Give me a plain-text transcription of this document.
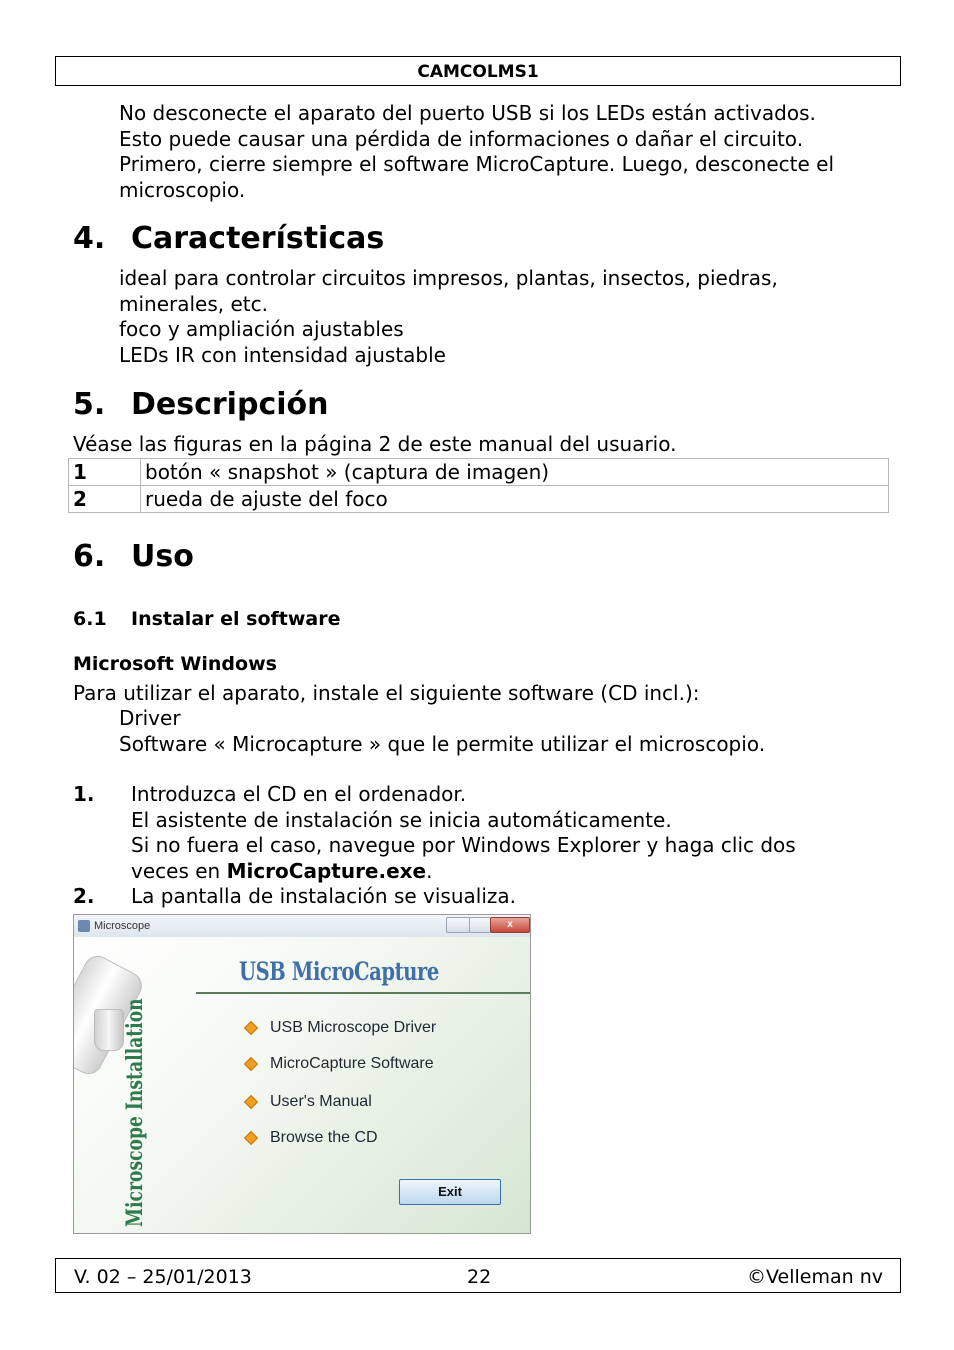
CAMCOLMS1
No desconecte el aparato del puerto USB si los LEDs están activados.
Esto puede causar una pérdida de informaciones o dañar el circuito.
Primero, cierre siempre el software MicroCapture. Luego, desconecte el
microscopio.
4. Características
ideal para controlar circuitos impresos, plantas, insectos, piedras,
minerales, etc.
foco y ampliación ajustables
LEDs IR con intensidad ajustable
5. Descripción
Véase las figuras en la página 2 de este manual del usuario.
1	botón « snapshot » (captura de imagen)
2	rueda de ajuste del foco
6. Uso
6.1 Instalar el software
Microsoft Windows
Para utilizar el aparato, instale el siguiente software (CD incl.):
Driver
Software « Microcapture » que le permite utilizar el microscopio.
1.	Introduzca el CD en el ordenador.
El asistente de instalación se inicia automáticamente.
Si no fuera el caso, navegue por Windows Explorer y haga clic dos
veces en MicroCapture.exe.
2.	La pantalla de instalación se visualiza.
Microscope	x
USB MicroCapture
Microscope Installation	USB Microscope Driver
MicroCapture Software
User's Manual
Browse the CD
Exit
V. 02 – 25/01/2013	22	©Velleman nv
